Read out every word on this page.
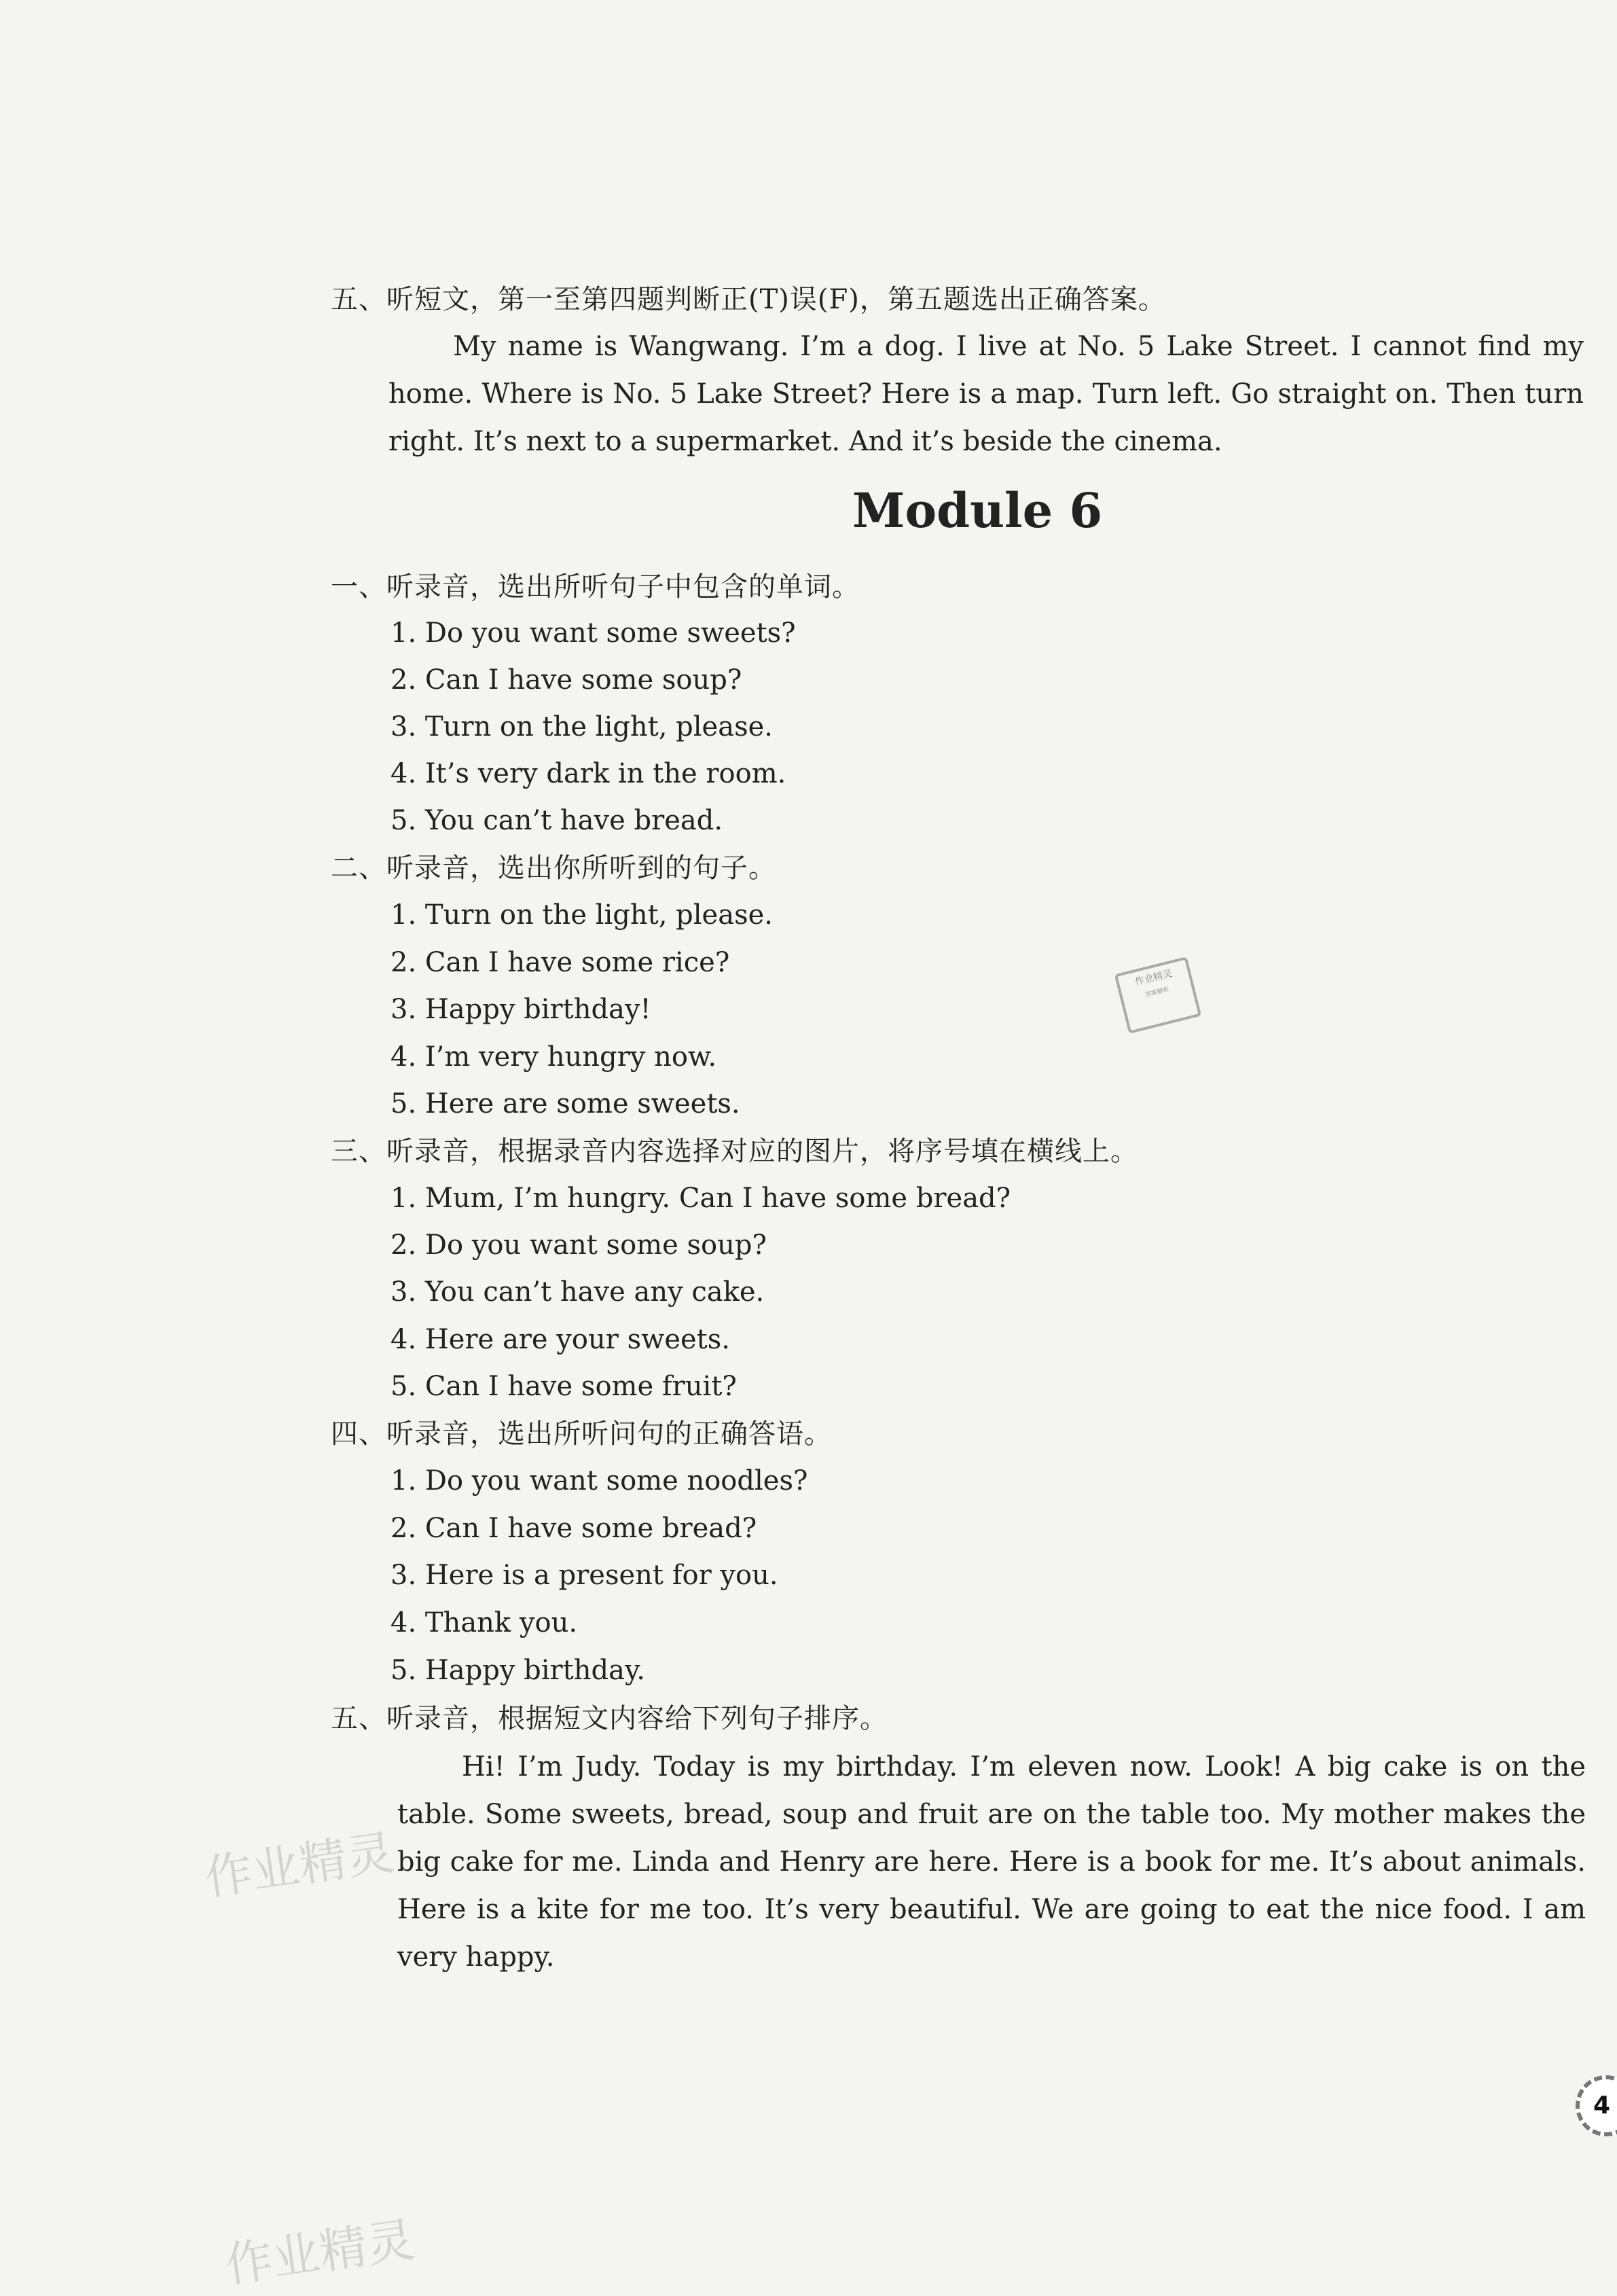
五、听短文，第一至第四题判断正(T)误(F)，第五题选出正确答案。
My name is Wangwang. I’m a dog. I live at No. 5 Lake Street. I cannot find my home. Where is No. 5 Lake Street? Here is a map. Turn left. Go straight on. Then turn right. It’s next to a supermarket. And it’s beside the cinema.
Module 6
一、听录音，选出所听句子中包含的单词。
1. Do you want some sweets?
2. Can I have some soup?
3. Turn on the light, please.
4. It’s very dark in the room.
5. You can’t have bread.
二、听录音，选出你所听到的句子。
1. Turn on the light, please.
2. Can I have some rice?
3. Happy birthday!
4. I’m very hungry now.
5. Here are some sweets.
三、听录音，根据录音内容选择对应的图片，将序号填在横线上。
1. Mum, I’m hungry. Can I have some bread?
2. Do you want some soup?
3. You can’t have any cake.
4. Here are your sweets.
5. Can I have some fruit?
四、听录音，选出所听问句的正确答语。
1. Do you want some noodles?
2. Can I have some bread?
3. Here is a present for you.
4. Thank you.
5. Happy birthday.
五、听录音，根据短文内容给下列句子排序。
Hi! I’m Judy. Today is my birthday. I’m eleven now. Look! A big cake is on the table. Some sweets, bread, soup and fruit are on the table too. My mother makes the big cake for me. Linda and Henry are here. Here is a book for me. It’s about animals. Here is a kite for me too. It’s very beautiful. We are going to eat the nice food. I am very happy.
作业精灵
答案解析
作业精灵
作业精灵
4
